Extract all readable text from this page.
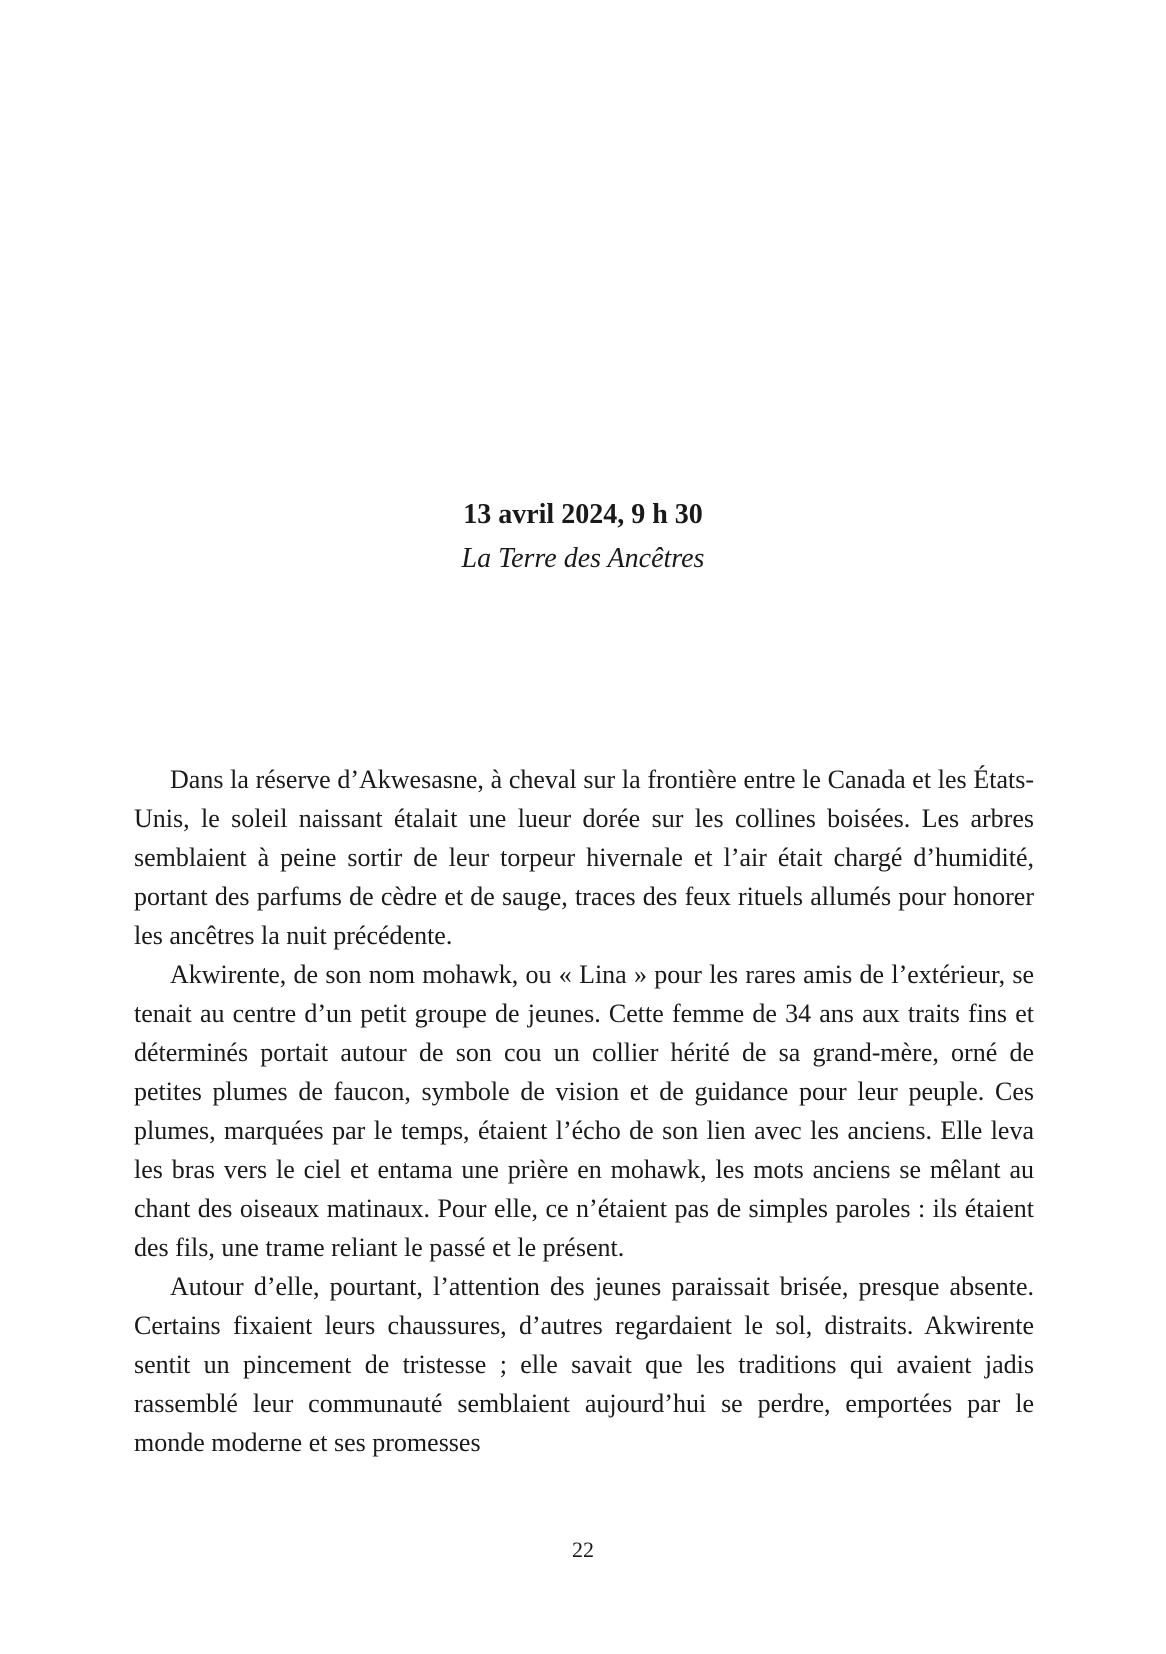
13 avril 2024, 9 h 30

La Terre des Ancêtres

Dans la réserve d’Akwesasne, à cheval sur la frontière entre le Canada et les États-Unis, le soleil naissant étalait une lueur dorée sur les collines boisées. Les arbres semblaient à peine sortir de leur torpeur hivernale et l’air était chargé d’humidité, portant des parfums de cèdre et de sauge, traces des feux rituels allumés pour honorer les ancêtres la nuit précédente.

Akwirente, de son nom mohawk, ou « Lina » pour les rares amis de l’extérieur, se tenait au centre d’un petit groupe de jeunes. Cette femme de 34 ans aux traits fins et déterminés portait autour de son cou un collier hérité de sa grand-mère, orné de petites plumes de faucon, symbole de vision et de guidance pour leur peuple. Ces plumes, marquées par le temps, étaient l’écho de son lien avec les anciens. Elle leva les bras vers le ciel et entama une prière en mohawk, les mots anciens se mêlant au chant des oiseaux matinaux. Pour elle, ce n’étaient pas de simples paroles : ils étaient des fils, une trame reliant le passé et le présent.

Autour d’elle, pourtant, l’attention des jeunes paraissait brisée, presque absente. Certains fixaient leurs chaussures, d’autres regardaient le sol, distraits. Akwirente sentit un pincement de tristesse ; elle savait que les traditions qui avaient jadis rassemblé leur communauté semblaient aujourd’hui se perdre, emportées par le monde moderne et ses promesses

22
